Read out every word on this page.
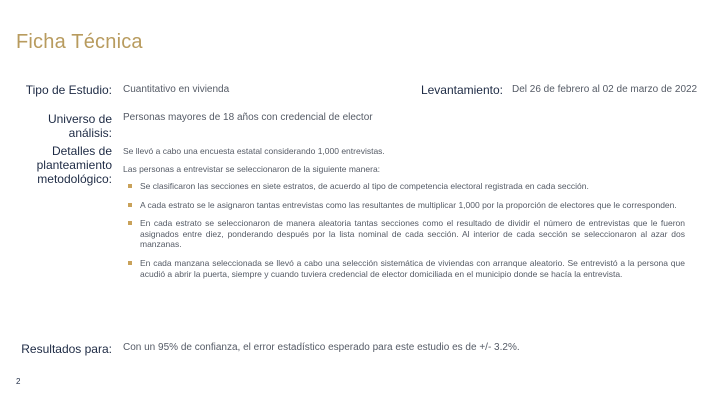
Ficha Técnica
Tipo de Estudio: Cuantitativo en vivienda	Levantamiento: Del 26 de febrero al 02 de marzo de 2022
Universo de análisis:
Personas mayores de 18 años con credencial de elector
Detalles de
planteamiento
metodológico:
Se llevó a cabo una encuesta estatal considerando 1,000 entrevistas.
Las personas a entrevistar se seleccionaron de la siguiente manera:
Se clasificaron las secciones en siete estratos, de acuerdo al tipo de competencia electoral registrada en cada sección.
A cada estrato se le asignaron tantas entrevistas como las resultantes de multiplicar 1,000 por la proporción de electores que le corresponden.
En cada estrato se seleccionaron de manera aleatoria tantas secciones como el resultado de dividir el número de entrevistas que le fueron asignados entre diez, ponderando después por la lista nominal de cada sección. Al interior de cada sección se seleccionaron al azar dos manzanas.
En cada manzana seleccionada se llevó a cabo una selección sistemática de viviendas con arranque aleatorio. Se entrevistó a la persona que acudió a abrir la puerta, siempre y cuando tuviera credencial de elector domiciliada en el municipio donde se hacía la entrevista.
Resultados para: Con un 95% de confianza, el error estadístico esperado para este estudio es de +/- 3.2%.
2
